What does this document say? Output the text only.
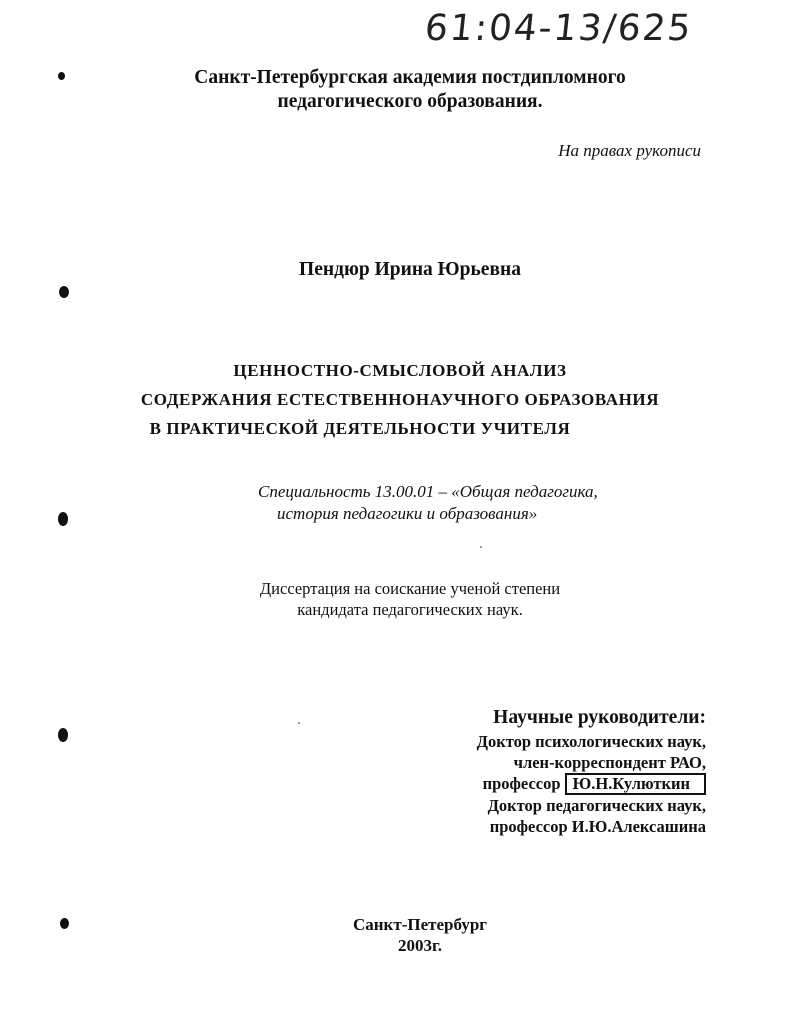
61:04-13/625
Санкт-Петербургская академия постдипломного
педагогического образования.
На правах рукописи
Пендюр Ирина Юрьевна
ЦЕННОСТНО-СМЫСЛОВОЙ АНАЛИЗ
СОДЕРЖАНИЯ ЕСТЕСТВЕННОНАУЧНОГО ОБРАЗОВАНИЯ
В ПРАКТИЧЕСКОЙ ДЕЯТЕЛЬНОСТИ УЧИТЕЛЯ
Специальность 13.00.01 – «Общая педагогика,
история педагогики и образования»
Диссертация на соискание ученой степени
кандидата педагогических наук.
Научные руководители:
Доктор психологических наук,
член-корреспондент РАО,
профессор Ю.Н.Кулюткин
Доктор педагогических наук,
профессор И.Ю.Алексашина
Санкт-Петербург
2003г.
